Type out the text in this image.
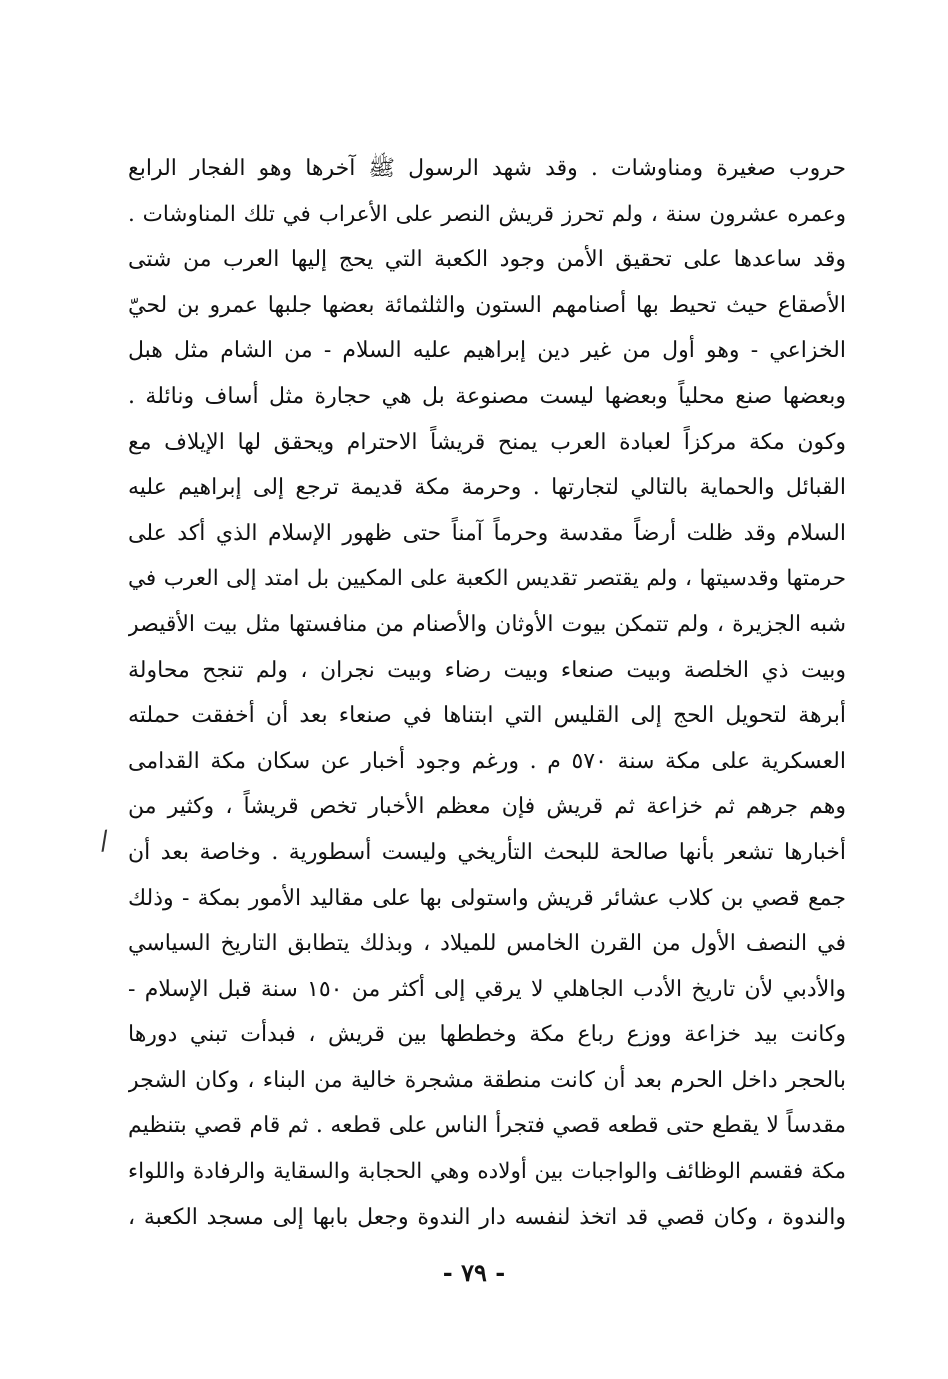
حروب صغيرة ومناوشات . وقد شهد الرسول ﷺ آخرها وهو الفجار الرابع
وعمره عشرون سنة ، ولم تحرز قريش النصر على الأعراب في تلك المناوشات .
وقد ساعدها على تحقيق الأمن وجود الكعبة التي يحج إليها العرب من شتى
الأصقاع حيث تحيط بها أصنامهم الستون والثلثمائة بعضها جلبها عمرو بن لحيّ
الخزاعي - وهو أول من غير دين إبراهيم عليه السلام - من الشام مثل هبل
وبعضها صنع محلياً وبعضها ليست مصنوعة بل هي حجارة مثل أساف ونائلة .
وكون مكة مركزاً لعبادة العرب يمنح قريشاً الاحترام ويحقق لها الإيلاف مع
القبائل والحماية بالتالي لتجارتها . وحرمة مكة قديمة ترجع إلى إبراهيم عليه
السلام وقد ظلت أرضاً مقدسة وحرماً آمناً حتى ظهور الإسلام الذي أكد على
حرمتها وقدسيتها ، ولم يقتصر تقديس الكعبة على المكيين بل امتد إلى العرب في
شبه الجزيرة ، ولم تتمكن بيوت الأوثان والأصنام من منافستها مثل بيت الأقيصر
وبيت ذي الخلصة وبيت صنعاء وبيت رضاء وبيت نجران ، ولم تنجح محاولة
أبرهة لتحويل الحج إلى القليس التي ابتناها في صنعاء بعد أن أخفقت حملته
العسكرية على مكة سنة ٥٧٠ م . ورغم وجود أخبار عن سكان مكة القدامى
وهم جرهم ثم خزاعة ثم قريش فإن معظم الأخبار تخص قريشاً ، وكثير من
أخبارها تشعر بأنها صالحة للبحث التأريخي وليست أسطورية . وخاصة بعد أن
جمع قصي بن كلاب عشائر قريش واستولى بها على مقاليد الأمور بمكة - وذلك
في النصف الأول من القرن الخامس للميلاد ، وبذلك يتطابق التاريخ السياسي
والأدبي لأن تاريخ الأدب الجاهلي لا يرقي إلى أكثر من ١٥٠ سنة قبل الإسلام -
وكانت بيد خزاعة ووزع رباع مكة وخططها بين قريش ، فبدأت تبني دورها
بالحجر داخل الحرم بعد أن كانت منطقة مشجرة خالية من البناء ، وكان الشجر
مقدساً لا يقطع حتى قطعه قصي فتجرأ الناس على قطعه . ثم قام قصي بتنظيم
مكة فقسم الوظائف والواجبات بين أولاده وهي الحجابة والسقاية والرفادة واللواء
والندوة ، وكان قصي قد اتخذ لنفسه دار الندوة وجعل بابها إلى مسجد الكعبة ،
/
- ٧٩ -
